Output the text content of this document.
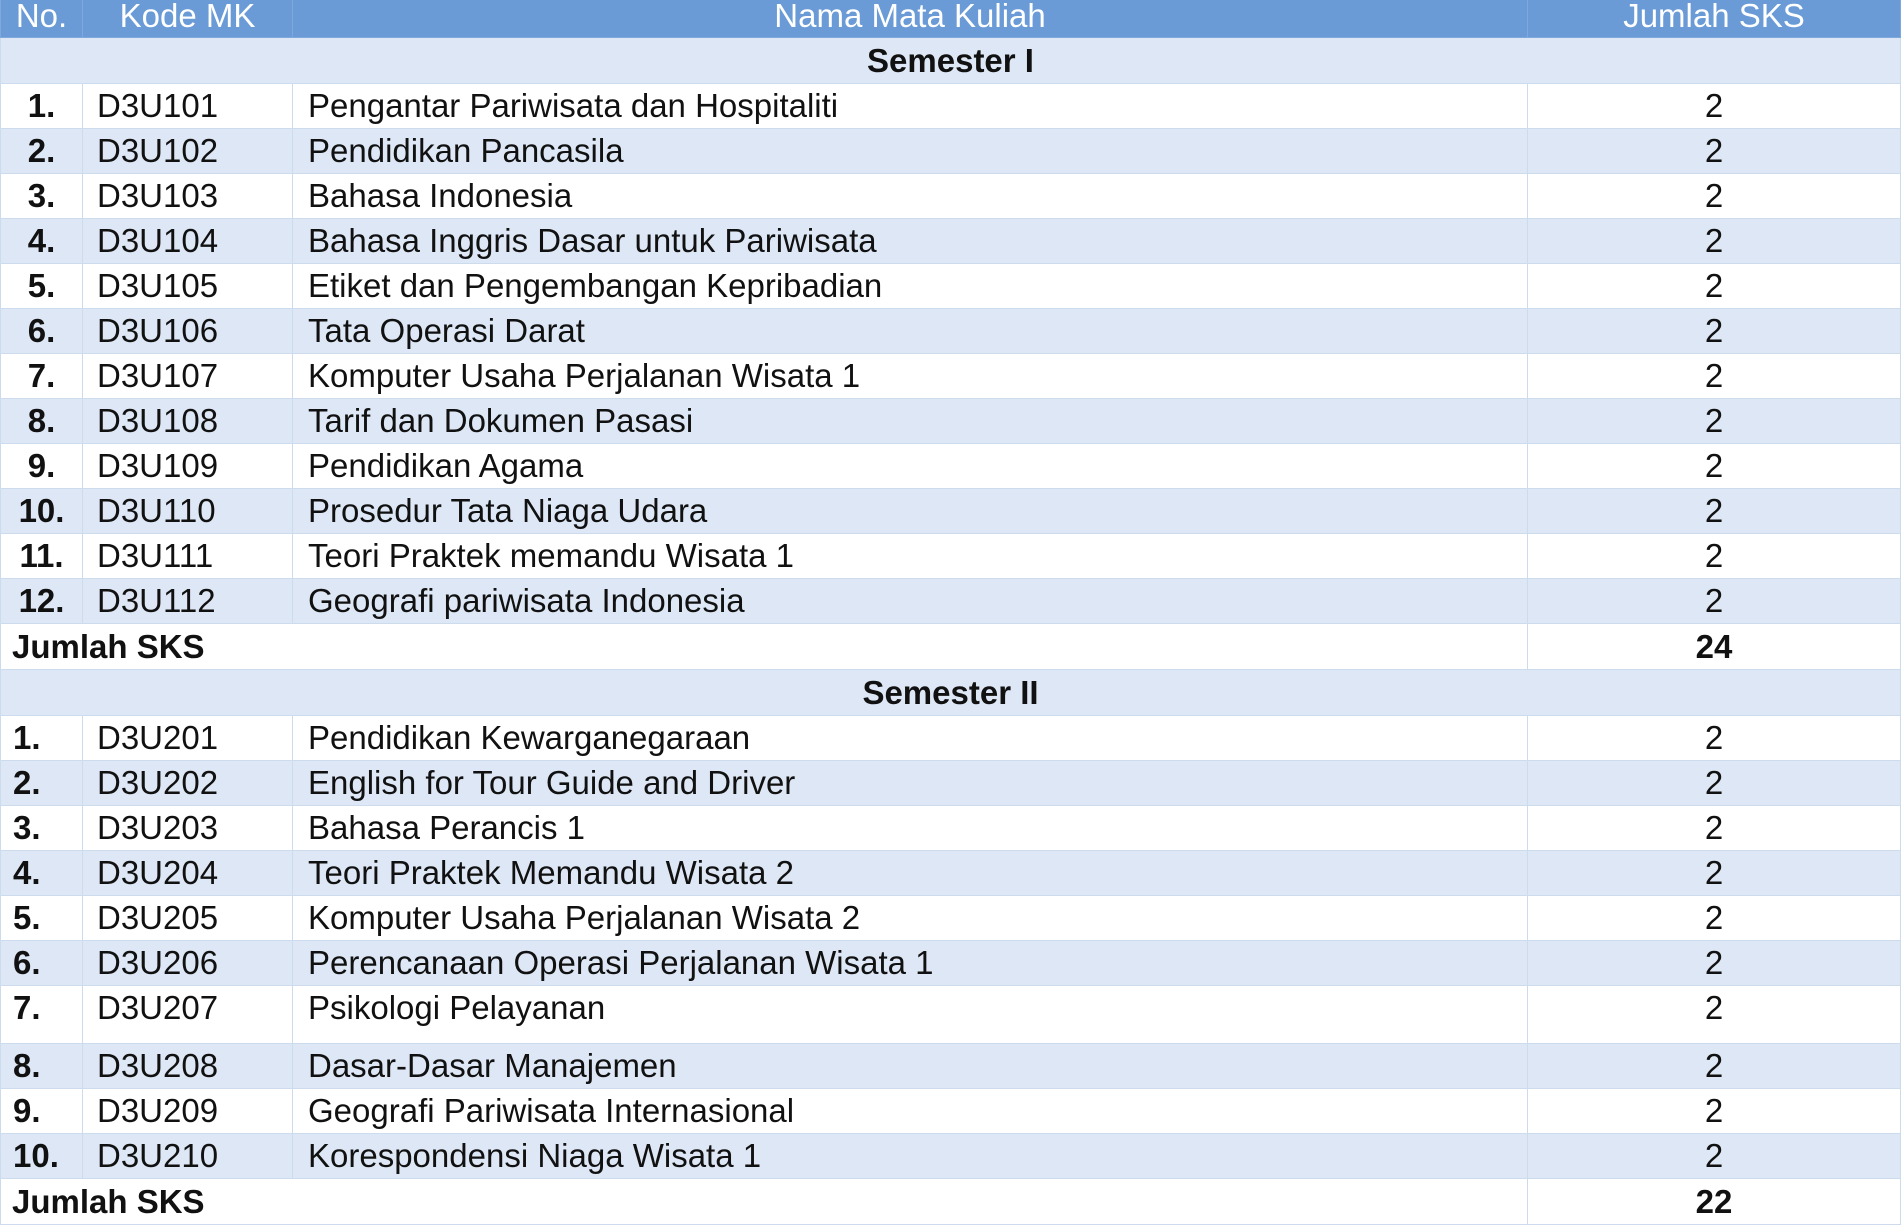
No.	Kode MK	Nama Mata Kuliah	Jumlah SKS
Semester I			
1.	D3U101	Pengantar Pariwisata dan Hospitaliti	2
2.	D3U102	Pendidikan Pancasila	2
3.	D3U103	Bahasa Indonesia	2
4.	D3U104	Bahasa Inggris Dasar untuk Pariwisata	2
5.	D3U105	Etiket dan Pengembangan Kepribadian	2
6.	D3U106	Tata Operasi Darat	2
7.	D3U107	Komputer Usaha Perjalanan Wisata 1	2
8.	D3U108	Tarif dan Dokumen Pasasi	2
9.	D3U109	Pendidikan Agama	2
10.	D3U110	Prosedur Tata Niaga Udara	2
11.	D3U111	Teori Praktek memandu Wisata 1	2
12.	D3U112	Geografi pariwisata Indonesia	2
Jumlah SKS			24
Semester II			
1.	D3U201	Pendidikan Kewarganegaraan	2
2.	D3U202	English for Tour Guide and Driver	2
3.	D3U203	Bahasa Perancis 1	2
4.	D3U204	Teori Praktek Memandu Wisata 2	2
5.	D3U205	Komputer Usaha Perjalanan Wisata 2	2
6.	D3U206	Perencanaan Operasi Perjalanan Wisata 1	2
7.	D3U207	Psikologi Pelayanan	2
8.	D3U208	Dasar-Dasar Manajemen	2
9.	D3U209	Geografi Pariwisata Internasional	2
10.	D3U210	Korespondensi Niaga Wisata 1	2
Jumlah SKS			22
